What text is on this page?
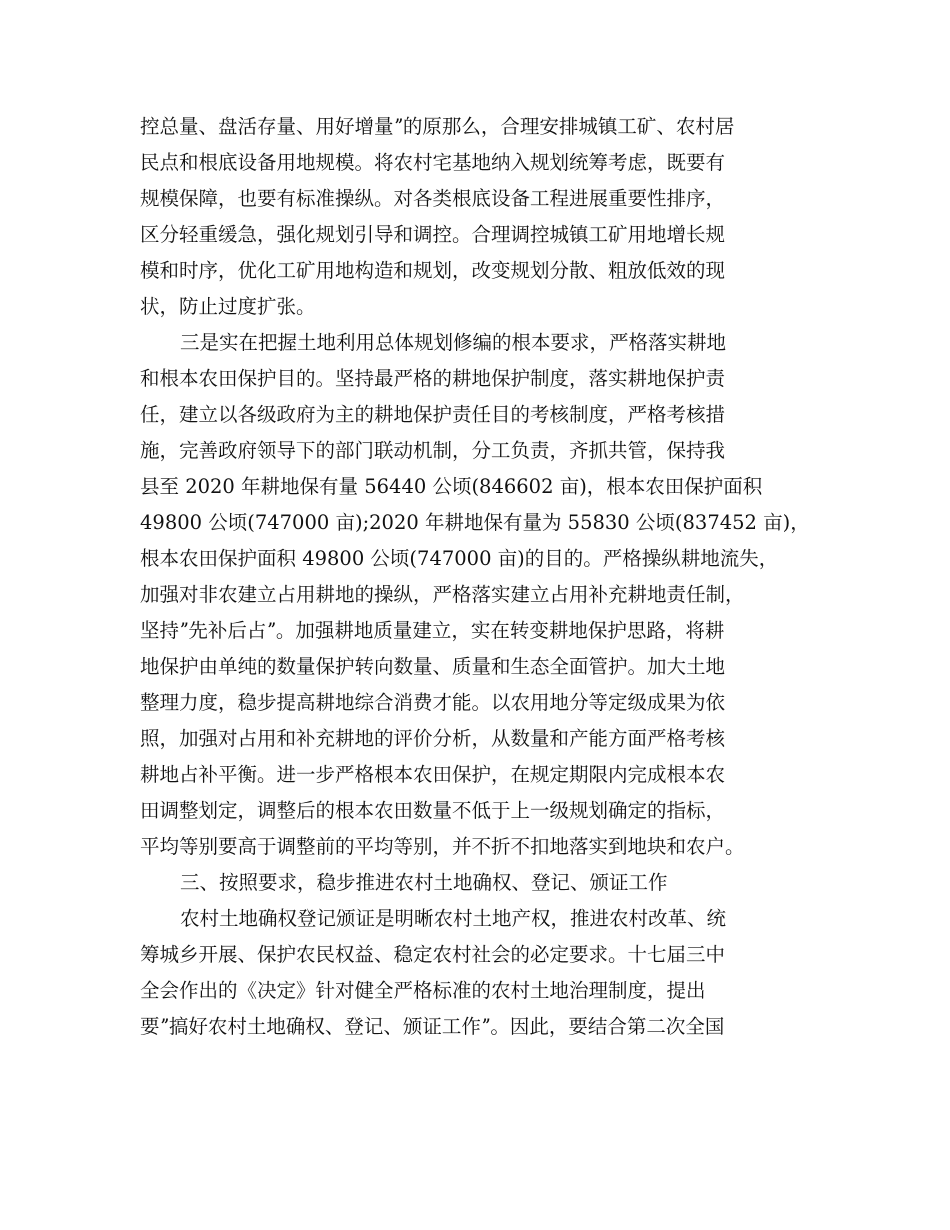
控总量、盘活存量、用好增量ˮ的原那么，合理安排城镇工矿、农村居
民点和根底设备用地规模。将农村宅基地纳入规划统筹考虑，既要有
规模保障，也要有标准操纵。对各类根底设备工程进展重要性排序，
区分轻重缓急，强化规划引导和调控。合理调控城镇工矿用地增长规
模和时序，优化工矿用地构造和规划，改变规划分散、粗放低效的现
状，防止过度扩张。
三是实在把握土地利用总体规划修编的根本要求，严格落实耕地
和根本农田保护目的。坚持最严格的耕地保护制度，落实耕地保护责
任，建立以各级政府为主的耕地保护责任目的考核制度，严格考核措
施，完善政府领导下的部门联动机制，分工负责，齐抓共管，保持我
县至 2020 年耕地保有量 56440 公顷(846602 亩)，根本农田保护面积
49800 公顷(747000 亩);2020 年耕地保有量为 55830 公顷(837452 亩)，
根本农田保护面积 49800 公顷(747000 亩)的目的。严格操纵耕地流失，
加强对非农建立占用耕地的操纵，严格落实建立占用补充耕地责任制，
坚持ˮ先补后占ˮ。加强耕地质量建立，实在转变耕地保护思路，将耕
地保护由单纯的数量保护转向数量、质量和生态全面管护。加大土地
整理力度，稳步提高耕地综合消费才能。以农用地分等定级成果为依
照，加强对占用和补充耕地的评价分析，从数量和产能方面严格考核
耕地占补平衡。进一步严格根本农田保护，在规定期限内完成根本农
田调整划定，调整后的根本农田数量不低于上一级规划确定的指标，
平均等别要高于调整前的平均等别，并不折不扣地落实到地块和农户。
三、按照要求，稳步推进农村土地确权、登记、颁证工作
农村土地确权登记颁证是明晰农村土地产权，推进农村改革、统
筹城乡开展、保护农民权益、稳定农村社会的必定要求。十七届三中
全会作出的《决定》针对健全严格标准的农村土地治理制度，提出
要ˮ搞好农村土地确权、登记、颁证工作ˮ。因此，要结合第二次全国
